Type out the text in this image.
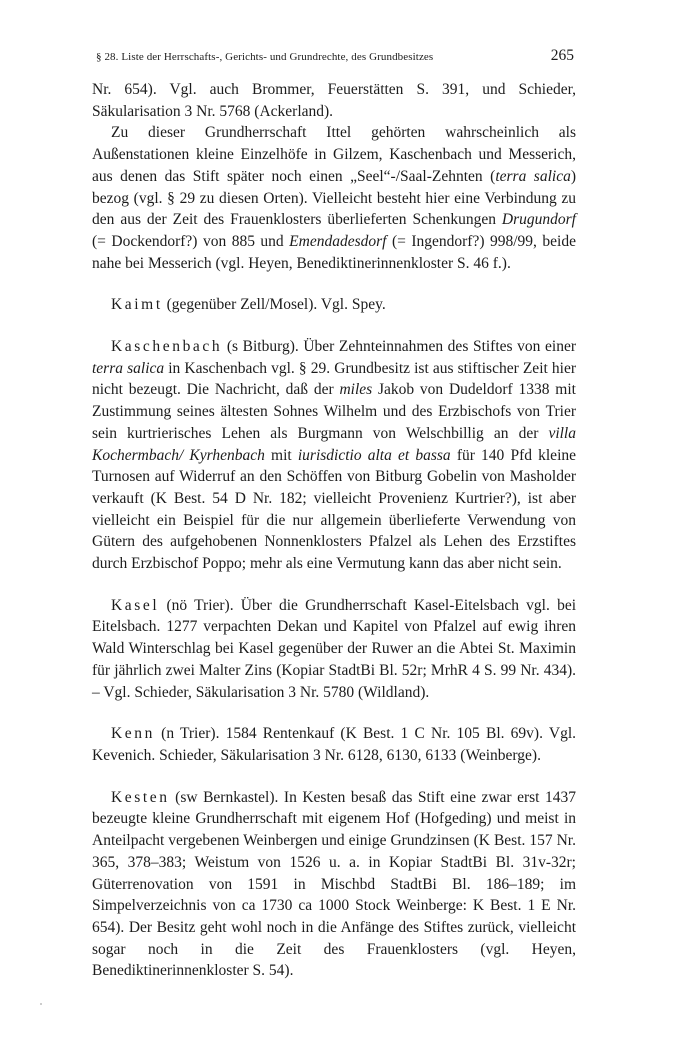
§ 28. Liste der Herrschafts-, Gerichts- und Grundrechte, des Grundbesitzes	265

Nr. 654). Vgl. auch Brommer, Feuerstätten S. 391, und Schieder, Säkularisation 3 Nr. 5768 (Ackerland).

Zu dieser Grundherrschaft Ittel gehörten wahrscheinlich als Außenstationen kleine Einzelhöfe in Gilzem, Kaschenbach und Messerich, aus denen das Stift später noch einen „Seel“-/Saal-Zehnten (terra salica) bezog (vgl. § 29 zu diesen Orten). Vielleicht besteht hier eine Verbindung zu den aus der Zeit des Frauenklosters überlieferten Schenkungen Drugundorf (= Dockendorf?) von 885 und Emendadesdorf (= Ingendorf?) 998/99, beide nahe bei Messerich (vgl. Heyen, Benediktinerinnenkloster S. 46 f.).

Kaimt (gegenüber Zell/Mosel). Vgl. Spey.

Kaschenbach (s Bitburg). Über Zehnteinnahmen des Stiftes von einer terra salica in Kaschenbach vgl. § 29. Grundbesitz ist aus stiftischer Zeit hier nicht bezeugt. Die Nachricht, daß der miles Jakob von Dudeldorf 1338 mit Zustimmung seines ältesten Sohnes Wilhelm und des Erzbischofs von Trier sein kurtrierisches Lehen als Burgmann von Welschbillig an der villa Kochermbach/ Kyrhenbach mit iurisdictio alta et bassa für 140 Pfd kleine Turnosen auf Widerruf an den Schöffen von Bitburg Gobelin von Masholder verkauft (K Best. 54 D Nr. 182; vielleicht Provenienz Kurtrier?), ist aber vielleicht ein Beispiel für die nur allgemein überlieferte Verwendung von Gütern des aufgehobenen Nonnenklosters Pfalzel als Lehen des Erzstiftes durch Erzbischof Poppo; mehr als eine Vermutung kann das aber nicht sein.

Kasel (nö Trier). Über die Grundherrschaft Kasel-Eitelsbach vgl. bei Eitelsbach. 1277 verpachten Dekan und Kapitel von Pfalzel auf ewig ihren Wald Winterschlag bei Kasel gegenüber der Ruwer an die Abtei St. Maximin für jährlich zwei Malter Zins (Kopiar StadtBi Bl. 52r; MrhR 4 S. 99 Nr. 434). – Vgl. Schieder, Säkularisation 3 Nr. 5780 (Wildland).

Kenn (n Trier). 1584 Rentenkauf (K Best. 1 C Nr. 105 Bl. 69v). Vgl. Kevenich. Schieder, Säkularisation 3 Nr. 6128, 6130, 6133 (Weinberge).

Kesten (sw Bernkastel). In Kesten besaß das Stift eine zwar erst 1437 bezeugte kleine Grundherrschaft mit eigenem Hof (Hofgeding) und meist in Anteilpacht vergebenen Weinbergen und einige Grundzinsen (K Best. 157 Nr. 365, 378–383; Weistum von 1526 u. a. in Kopiar StadtBi Bl. 31v-32r; Güterrenovation von 1591 in Mischbd StadtBi Bl. 186–189; im Simpelverzeichnis von ca 1730 ca 1000 Stock Weinberge: K Best. 1 E Nr. 654). Der Besitz geht wohl noch in die Anfänge des Stiftes zurück, vielleicht sogar noch in die Zeit des Frauenklosters (vgl. Heyen, Benediktinerinnenkloster S. 54).
